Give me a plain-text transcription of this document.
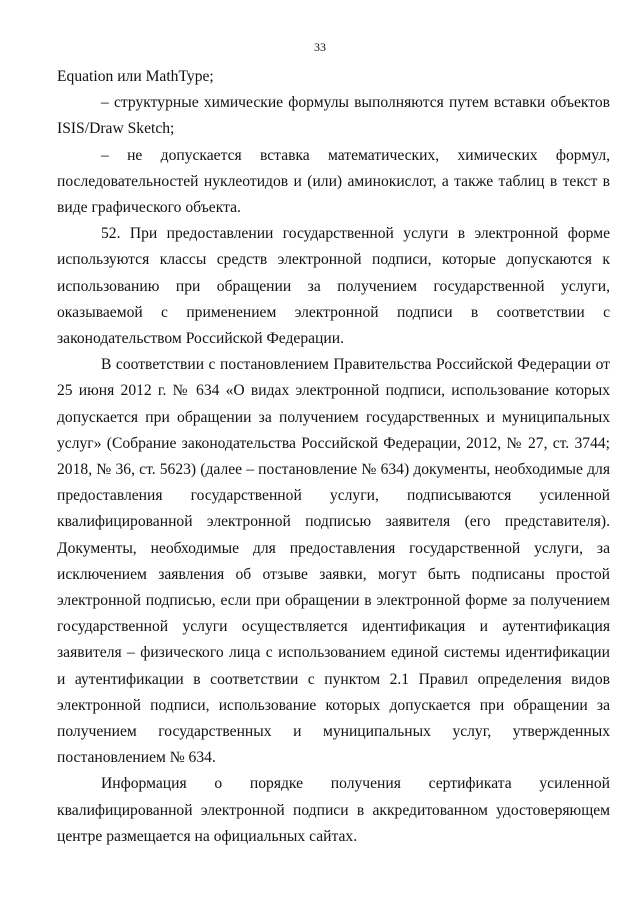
33

Equation или MathType;

– структурные химические формулы выполняются путем вставки объектов ISIS/Draw Sketch;

– не допускается вставка математических, химических формул, последовательностей нуклеотидов и (или) аминокислот, а также таблиц в текст в виде графического объекта.

52. При предоставлении государственной услуги в электронной форме используются классы средств электронной подписи, которые допускаются к использованию при обращении за получением государственной услуги, оказываемой с применением электронной подписи в соответствии с законодательством Российской Федерации.

В соответствии с постановлением Правительства Российской Федерации от 25 июня 2012 г. № 634 «О видах электронной подписи, использование которых допускается при обращении за получением государственных и муниципальных услуг» (Собрание законодательства Российской Федерации, 2012, № 27, ст. 3744; 2018, № 36, ст. 5623) (далее – постановление № 634) документы, необходимые для предоставления государственной услуги, подписываются усиленной квалифицированной электронной подписью заявителя (его представителя). Документы, необходимые для предоставления государственной услуги, за исключением заявления об отзыве заявки, могут быть подписаны простой электронной подписью, если при обращении в электронной форме за получением государственной услуги осуществляется идентификация и аутентификация заявителя – физического лица с использованием единой системы идентификации и аутентификации в соответствии с пунктом 2.1 Правил определения видов электронной подписи, использование которых допускается при обращении за получением государственных и муниципальных услуг, утвержденных постановлением № 634.

Информация о порядке получения сертификата усиленной квалифицированной электронной подписи в аккредитованном удостоверяющем центре размещается на официальных сайтах.
